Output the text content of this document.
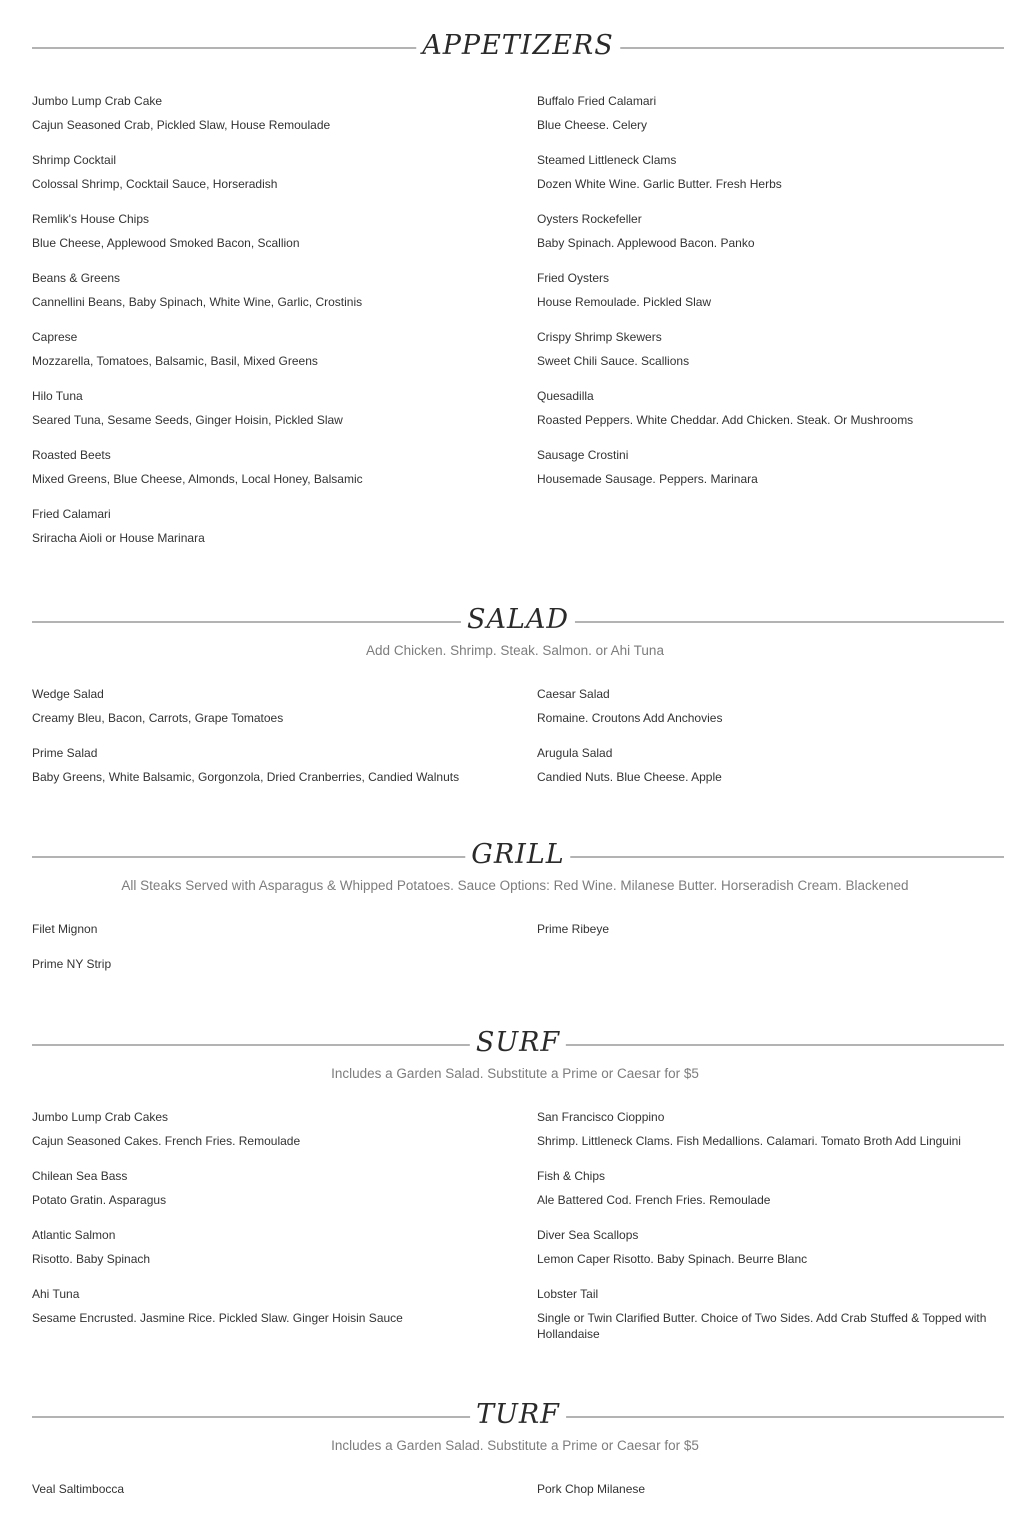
APPETIZERS
Jumbo Lump Crab Cake
Cajun Seasoned Crab, Pickled Slaw, House Remoulade
Shrimp Cocktail
Colossal Shrimp, Cocktail Sauce, Horseradish
Remlik's House Chips
Blue Cheese, Applewood Smoked Bacon, Scallion
Beans & Greens
Cannellini Beans, Baby Spinach, White Wine, Garlic, Crostinis
Caprese
Mozzarella, Tomatoes, Balsamic, Basil, Mixed Greens
Hilo Tuna
Seared Tuna, Sesame Seeds, Ginger Hoisin, Pickled Slaw
Roasted Beets
Mixed Greens, Blue Cheese, Almonds, Local Honey, Balsamic
Fried Calamari
Sriracha Aioli or House Marinara
Buffalo Fried Calamari
Blue Cheese. Celery
Steamed Littleneck Clams
Dozen White Wine. Garlic Butter. Fresh Herbs
Oysters Rockefeller
Baby Spinach. Applewood Bacon. Panko
Fried Oysters
House Remoulade. Pickled Slaw
Crispy Shrimp Skewers
Sweet Chili Sauce. Scallions
Quesadilla
Roasted Peppers. White Cheddar. Add Chicken. Steak. Or Mushrooms
Sausage Crostini
Housemade Sausage. Peppers. Marinara
SALAD
Add Chicken. Shrimp. Steak. Salmon. or Ahi Tuna
Wedge Salad
Creamy Bleu, Bacon, Carrots, Grape Tomatoes
Prime Salad
Baby Greens, White Balsamic, Gorgonzola, Dried Cranberries, Candied Walnuts
Caesar Salad
Romaine. Croutons Add Anchovies
Arugula Salad
Candied Nuts. Blue Cheese. Apple
GRILL
All Steaks Served with Asparagus & Whipped Potatoes. Sauce Options: Red Wine. Milanese Butter. Horseradish Cream. Blackened
Filet Mignon
Prime NY Strip
Prime Ribeye
SURF
Includes a Garden Salad. Substitute a Prime or Caesar for $5
Jumbo Lump Crab Cakes
Cajun Seasoned Cakes. French Fries. Remoulade
Chilean Sea Bass
Potato Gratin. Asparagus
Atlantic Salmon
Risotto. Baby Spinach
Ahi Tuna
Sesame Encrusted. Jasmine Rice. Pickled Slaw. Ginger Hoisin Sauce
San Francisco Cioppino
Shrimp. Littleneck Clams. Fish Medallions. Calamari. Tomato Broth Add Linguini
Fish & Chips
Ale Battered Cod. French Fries. Remoulade
Diver Sea Scallops
Lemon Caper Risotto. Baby Spinach. Beurre Blanc
Lobster Tail
Single or Twin Clarified Butter. Choice of Two Sides. Add Crab Stuffed & Topped with Hollandaise
TURF
Includes a Garden Salad. Substitute a Prime or Caesar for $5
Veal Saltimbocca	Pork Chop Milanese
